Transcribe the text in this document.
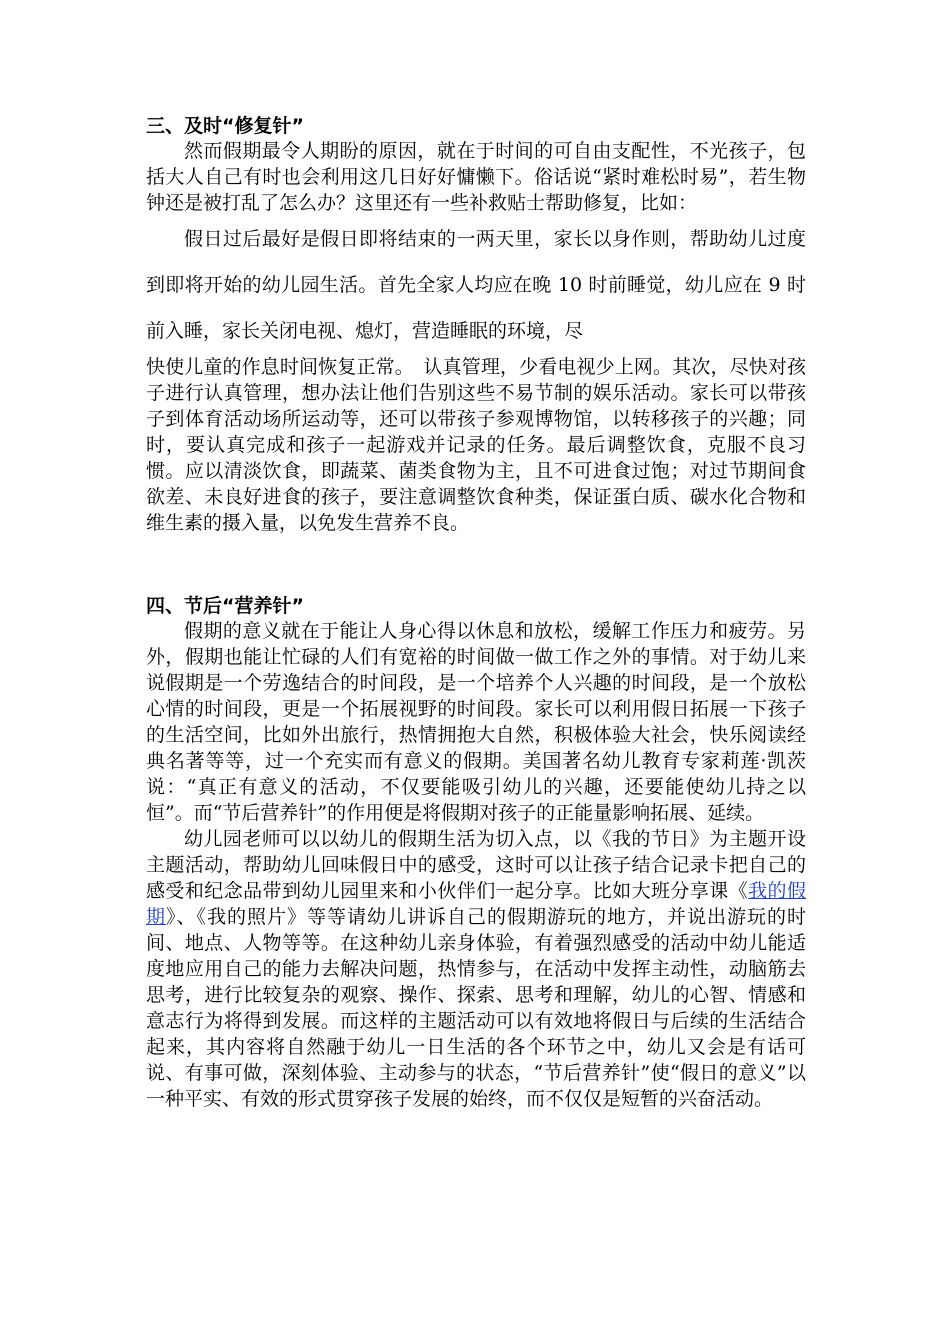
三、及时“修复针”

然而假期最令人期盼的原因，就在于时间的可自由支配性，不光孩子，包括大人自己有时也会利用这几日好好慵懒下。俗话说“紧时难松时易”，若生物钟还是被打乱了怎么办？这里还有一些补救贴士帮助修复，比如：

假日过后最好是假日即将结束的一两天里，家长以身作则，帮助幼儿过度到即将开始的幼儿园生活。首先全家人均应在晚 10 时前睡觉，幼儿应在 9 时前入睡，家长关闭电视、熄灯，营造睡眠的环境，尽

快使儿童的作息时间恢复正常。　认真管理，少看电视少上网。其次，尽快对孩子进行认真管理，想办法让他们告别这些不易节制的娱乐活动。家长可以带孩子到体育活动场所运动等，还可以带孩子参观博物馆，以转移孩子的兴趣；同时，要认真完成和孩子一起游戏并记录的任务。最后调整饮食，克服不良习惯。应以清淡饮食，即蔬菜、菌类食物为主，且不可进食过饱；对过节期间食欲差、未良好进食的孩子，要注意调整饮食种类，保证蛋白质、碳水化合物和维生素的摄入量，以免发生营养不良。

四、节后“营养针”

假期的意义就在于能让人身心得以休息和放松，缓解工作压力和疲劳。另外，假期也能让忙碌的人们有宽裕的时间做一做工作之外的事情。对于幼儿来说假期是一个劳逸结合的时间段，是一个培养个人兴趣的时间段，是一个放松心情的时间段，更是一个拓展视野的时间段。家长可以利用假日拓展一下孩子的生活空间，比如外出旅行，热情拥抱大自然，积极体验大社会，快乐阅读经典名著等等，过一个充实而有意义的假期。美国著名幼儿教育专家莉莲·凯茨说：“真正有意义的活动，不仅要能吸引幼儿的兴趣，还要能使幼儿持之以恒”。而“节后营养针”的作用便是将假期对孩子的正能量影响拓展、延续。

幼儿园老师可以以幼儿的假期生活为切入点，以《我的节日》为主题开设主题活动，帮助幼儿回味假日中的感受，这时可以让孩子结合记录卡把自己的感受和纪念品带到幼儿园里来和小伙伴们一起分享。比如大班分享课《我的假期》、《我的照片》等等请幼儿讲诉自己的假期游玩的地方，并说出游玩的时间、地点、人物等等。在这种幼儿亲身体验，有着强烈感受的活动中幼儿能适度地应用自己的能力去解决问题，热情参与，在活动中发挥主动性，动脑筋去思考，进行比较复杂的观察、操作、探索、思考和理解，幼儿的心智、情感和意志行为将得到发展。而这样的主题活动可以有效地将假日与后续的生活结合起来，其内容将自然融于幼儿一日生活的各个环节之中，幼儿又会是有话可说、有事可做，深刻体验、主动参与的状态，“节后营养针”使“假日的意义”以一种平实、有效的形式贯穿孩子发展的始终，而不仅仅是短暂的兴奋活动。
